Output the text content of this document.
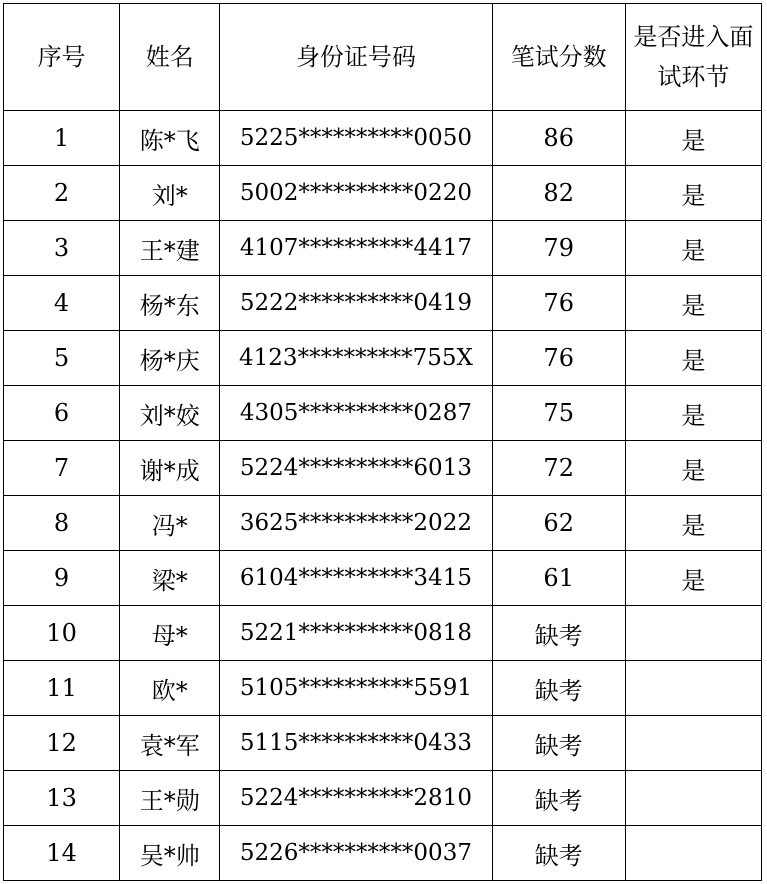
序号	姓名	身份证号码	笔试分数	是否进入面试环节
1	陈*飞	5225**********0050	86	是
2	刘*	5002**********0220	82	是
3	王*建	4107**********4417	79	是
4	杨*东	5222**********0419	76	是
5	杨*庆	4123**********755X	76	是
6	刘*姣	4305**********0287	75	是
7	谢*成	5224**********6013	72	是
8	冯*	3625**********2022	62	是
9	梁*	6104**********3415	61	是
10	母*	5221**********0818	缺考	
11	欧*	5105**********5591	缺考	
12	袁*军	5115**********0433	缺考	
13	王*勋	5224**********2810	缺考	
14	吴*帅	5226**********0037	缺考	
